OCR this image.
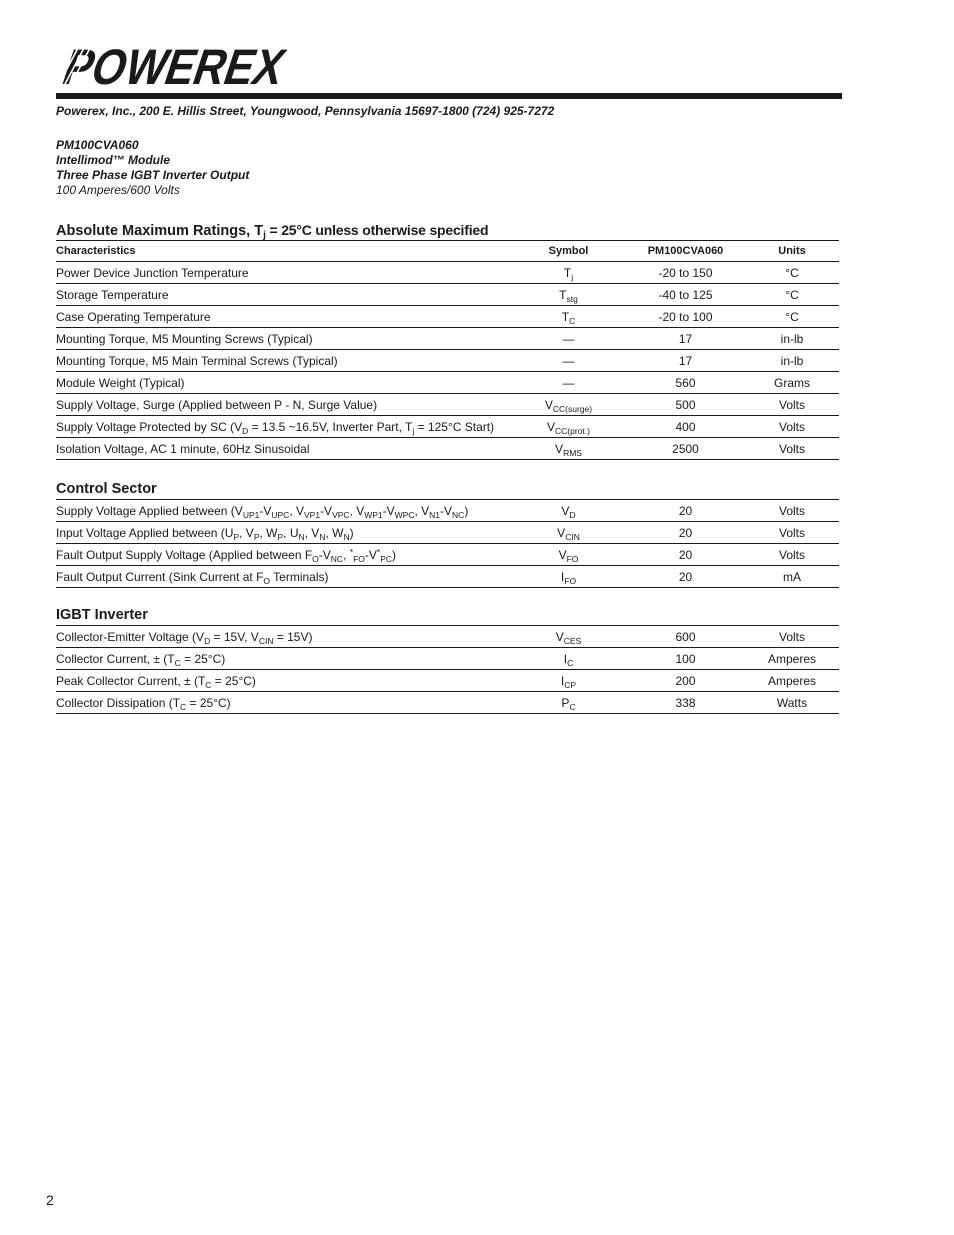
POWEREX
Powerex, Inc., 200 E. Hillis Street, Youngwood, Pennsylvania 15697-1800 (724) 925-7272
PM100CVA060
Intellimod™ Module
Three Phase IGBT Inverter Output
100 Amperes/600 Volts
Absolute Maximum Ratings, $T_j = 25^\circ C$ unless otherwise specified
Characteristics	Symbol	PM100CVA060	Units
Power Device Junction Temperature	$T_j$	-20 to 150	°C
Storage Temperature	$T_{stg}$	-40 to 125	°C
Case Operating Temperature	$T_C$	-20 to 100	°C
Mounting Torque, M5 Mounting Screws (Typical)	—	17	in-lb
Mounting Torque, M5 Main Terminal Screws (Typical)	—	17	in-lb
Module Weight (Typical)	—	560	Grams
Supply Voltage, Surge (Applied between P - N, Surge Value)	$V_{CC(surge)}$	500	Volts
Supply Voltage Protected by SC ($V_D = 13.5$ ~16.5V, Inverter Part, $T_j = 125^\circ C$ Start)	$V_{CC(prot.)}$	400	Volts
Isolation Voltage, AC 1 minute, 60Hz Sinusoidal	$V_{RMS}$	2500	Volts
Control Sector
Supply Voltage Applied between ($V_{UP1}-V_{UPC}$, $V_{VP1}-V_{VPC}$, $V_{WP1}-V_{WPC}$, $V_{N1}-V_{NC}$)	$V_D$	20	Volts
Input Voltage Applied between ($U_P$, $V_P$, $W_P$, $U_N$, $V_N$, $W_N$)	$V_{CIN}$	20	Volts
Fault Output Supply Voltage (Applied between $F_O-V_{NC}$, $^*_{FO}-V^*_{PC}$)	$V_{FO}$	20	Volts
Fault Output Current (Sink Current at $F_O$ Terminals)	$I_{FO}$	20	mA
IGBT Inverter
Collector-Emitter Voltage ($V_D = 15V$, $V_{CIN} = 15V$)	$V_{CES}$	600	Volts
Collector Current, ± $(T_C = 25^\circ C)$	$I_C$	100	Amperes
Peak Collector Current, ± $(T_C = 25^\circ C)$	$I_{CP}$	200	Amperes
Collector Dissipation $(T_C = 25^\circ C)$	$P_C$	338	Watts
2
